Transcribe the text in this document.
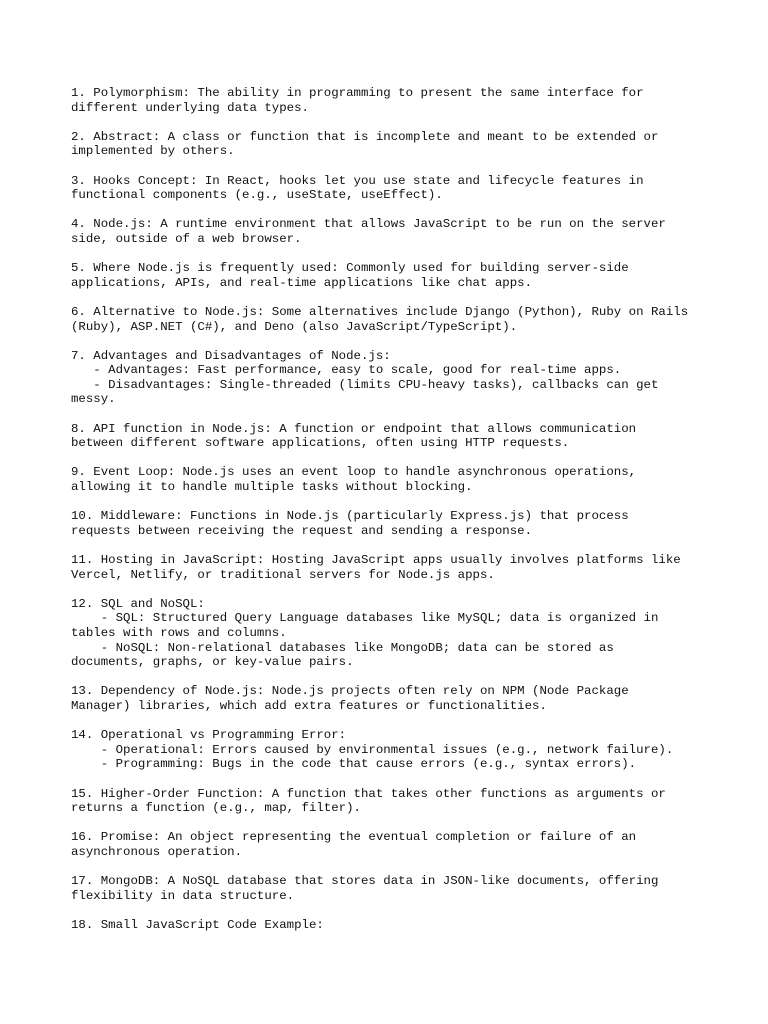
1. Polymorphism: The ability in programming to present the same interface for
different underlying data types.
2. Abstract: A class or function that is incomplete and meant to be extended or
implemented by others.
3. Hooks Concept: In React, hooks let you use state and lifecycle features in
functional components (e.g., useState, useEffect).
4. Node.js: A runtime environment that allows JavaScript to be run on the server
side, outside of a web browser.
5. Where Node.js is frequently used: Commonly used for building server-side
applications, APIs, and real-time applications like chat apps.
6. Alternative to Node.js: Some alternatives include Django (Python), Ruby on Rails
(Ruby), ASP.NET (C#), and Deno (also JavaScript/TypeScript).
7. Advantages and Disadvantages of Node.js:
- Advantages: Fast performance, easy to scale, good for real-time apps.
- Disadvantages: Single-threaded (limits CPU-heavy tasks), callbacks can get
messy.
8. API function in Node.js: A function or endpoint that allows communication
between different software applications, often using HTTP requests.
9. Event Loop: Node.js uses an event loop to handle asynchronous operations,
allowing it to handle multiple tasks without blocking.
10. Middleware: Functions in Node.js (particularly Express.js) that process
requests between receiving the request and sending a response.
11. Hosting in JavaScript: Hosting JavaScript apps usually involves platforms like
Vercel, Netlify, or traditional servers for Node.js apps.
12. SQL and NoSQL:
- SQL: Structured Query Language databases like MySQL; data is organized in
tables with rows and columns.
- NoSQL: Non-relational databases like MongoDB; data can be stored as
documents, graphs, or key-value pairs.
13. Dependency of Node.js: Node.js projects often rely on NPM (Node Package
Manager) libraries, which add extra features or functionalities.
14. Operational vs Programming Error:
- Operational: Errors caused by environmental issues (e.g., network failure).
- Programming: Bugs in the code that cause errors (e.g., syntax errors).
15. Higher-Order Function: A function that takes other functions as arguments or
returns a function (e.g., map, filter).
16. Promise: An object representing the eventual completion or failure of an
asynchronous operation.
17. MongoDB: A NoSQL database that stores data in JSON-like documents, offering
flexibility in data structure.
18. Small JavaScript Code Example:
